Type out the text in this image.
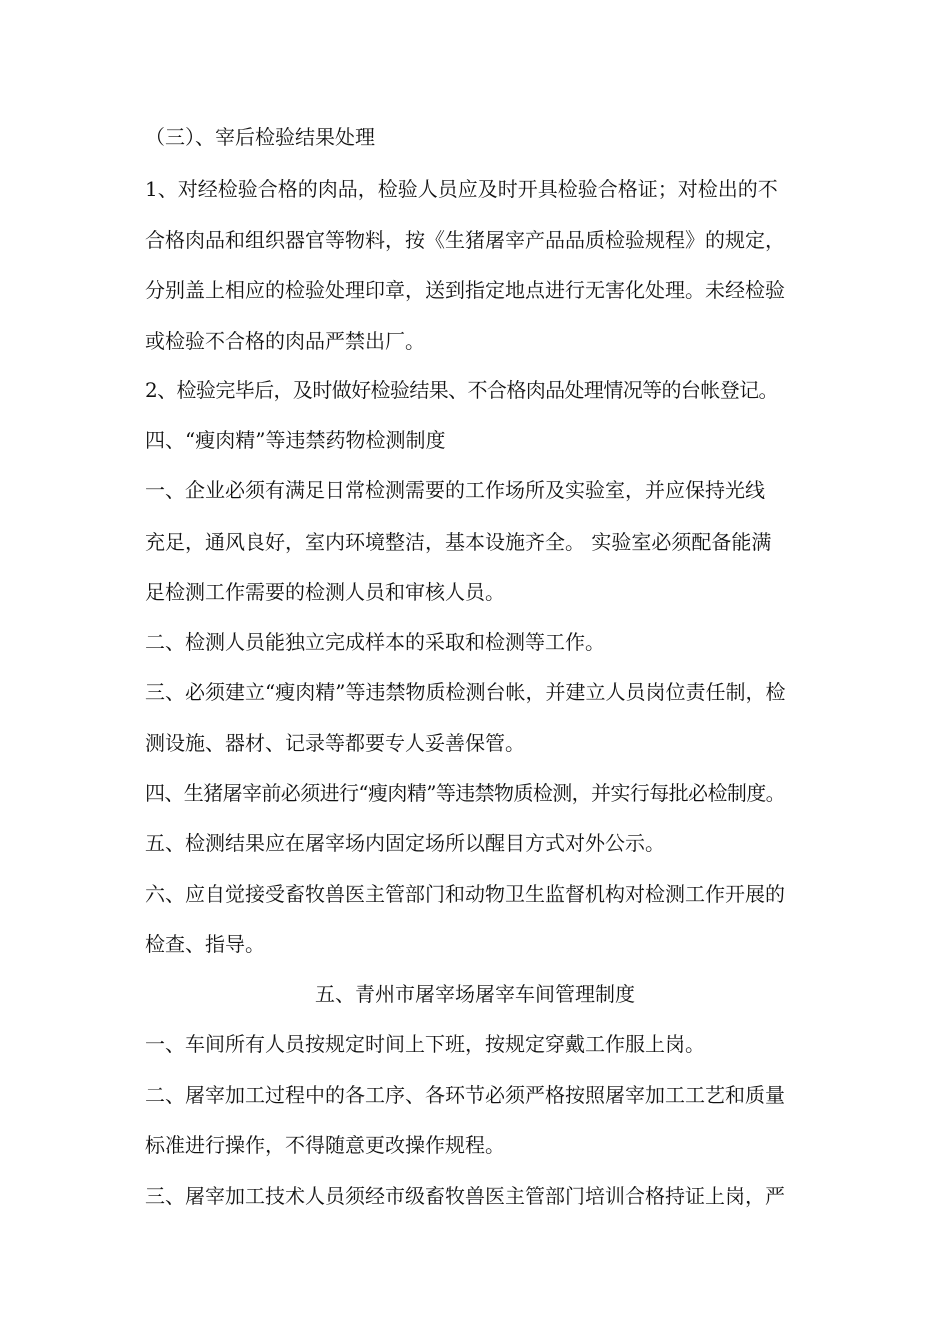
（三）、宰后检验结果处理
1、对经检验合格的肉品，检验人员应及时开具检验合格证；对检出的不
合格肉品和组织器官等物料，按《生猪屠宰产品品质检验规程》的规定，
分别盖上相应的检验处理印章，送到指定地点进行无害化处理。未经检验
或检验不合格的肉品严禁出厂。
2、检验完毕后，及时做好检验结果、不合格肉品处理情况等的台帐登记。
四、“瘦肉精”等违禁药物检测制度
一、企业必须有满足日常检测需要的工作场所及实验室，并应保持光线
充足，通风良好，室内环境整洁，基本设施齐全。 实验室必须配备能满
足检测工作需要的检测人员和审核人员。
二、检测人员能独立完成样本的采取和检测等工作。
三、必须建立“瘦肉精”等违禁物质检测台帐，并建立人员岗位责任制，检
测设施、器材、记录等都要专人妥善保管。
四、生猪屠宰前必须进行“瘦肉精”等违禁物质检测，并实行每批必检制度。
五、检测结果应在屠宰场内固定场所以醒目方式对外公示。
六、应自觉接受畜牧兽医主管部门和动物卫生监督机构对检测工作开展的
检查、指导。
五、青州市屠宰场屠宰车间管理制度
一、车间所有人员按规定时间上下班，按规定穿戴工作服上岗。
二、屠宰加工过程中的各工序、各环节必须严格按照屠宰加工工艺和质量
标准进行操作，不得随意更改操作规程。
三、屠宰加工技术人员须经市级畜牧兽医主管部门培训合格持证上岗，严
